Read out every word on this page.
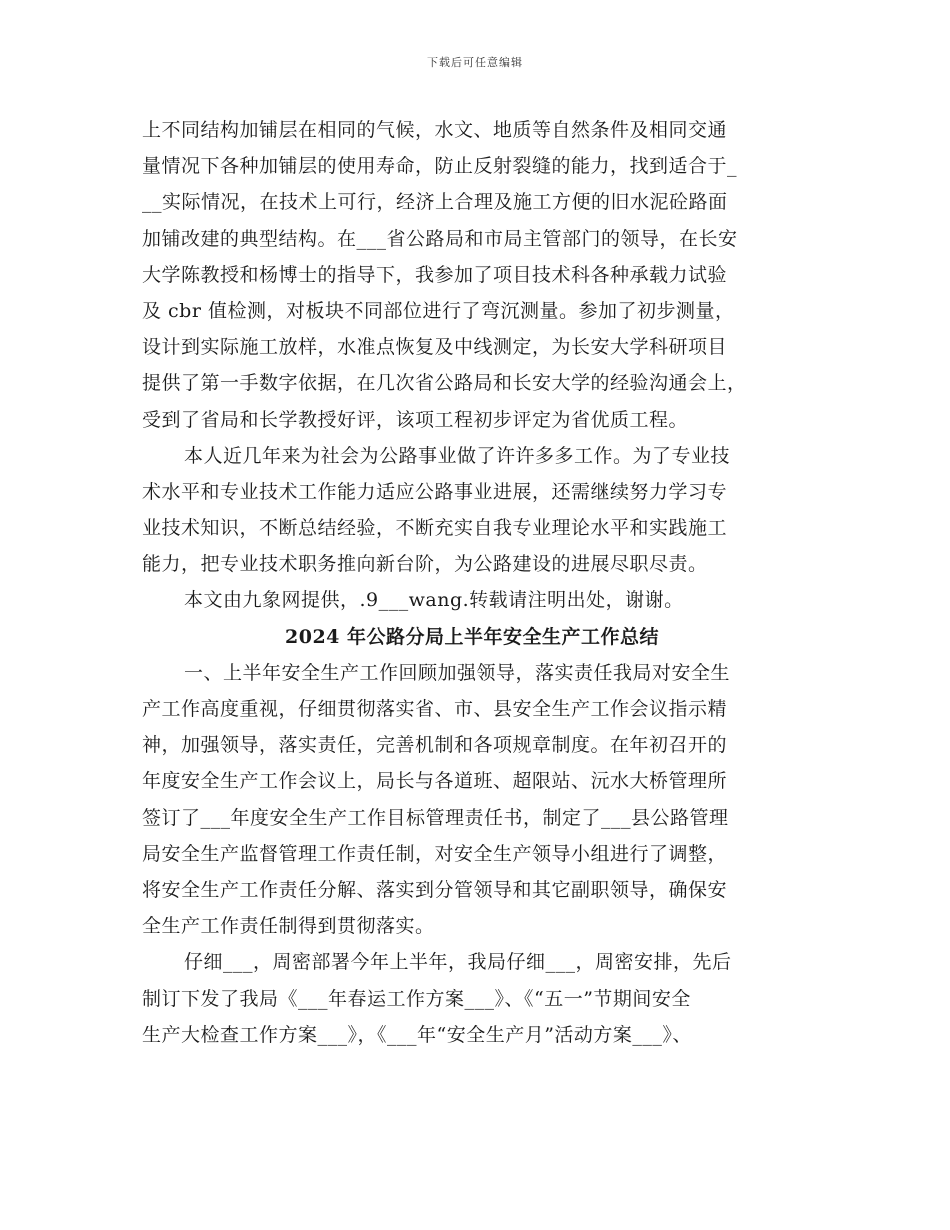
下载后可任意编辑
上不同结构加铺层在相同的气候，水文、地质等自然条件及相同交通
量情况下各种加铺层的使用寿命，防止反射裂缝的能力，找到适合于_
__实际情况，在技术上可行，经济上合理及施工方便的旧水泥砼路面
加铺改建的典型结构。在___省公路局和市局主管部门的领导，在长安
大学陈教授和杨博士的指导下，我参加了项目技术科各种承载力试验
及 cbr 值检测，对板块不同部位进行了弯沉测量。参加了初步测量，
设计到实际施工放样，水准点恢复及中线测定，为长安大学科研项目
提供了第一手数字依据，在几次省公路局和长安大学的经验沟通会上，
受到了省局和长学教授好评，该项工程初步评定为省优质工程。
本人近几年来为社会为公路事业做了许许多多工作。为了专业技
术水平和专业技术工作能力适应公路事业进展，还需继续努力学习专
业技术知识，不断总结经验，不断充实自我专业理论水平和实践施工
能力，把专业技术职务推向新台阶，为公路建设的进展尽职尽责。
本文由九象网提供，.9___wang.转载请注明出处，谢谢。
2024 年公路分局上半年安全生产工作总结
一、上半年安全生产工作回顾加强领导，落实责任我局对安全生
产工作高度重视，仔细贯彻落实省、市、县安全生产工作会议指示精
神，加强领导，落实责任，完善机制和各项规章制度。在年初召开的
年度安全生产工作会议上，局长与各道班、超限站、沅水大桥管理所
签订了___年度安全生产工作目标管理责任书，制定了___县公路管理
局安全生产监督管理工作责任制，对安全生产领导小组进行了调整，
将安全生产工作责任分解、落实到分管领导和其它副职领导，确保安
全生产工作责任制得到贯彻落实。
仔细___，周密部署今年上半年，我局仔细___，周密安排，先后
制订下发了我局《___年春运工作方案___》、《“五一”节期间安全
生产大检查工作方案___》，《___年“安全生产月”活动方案___》、
